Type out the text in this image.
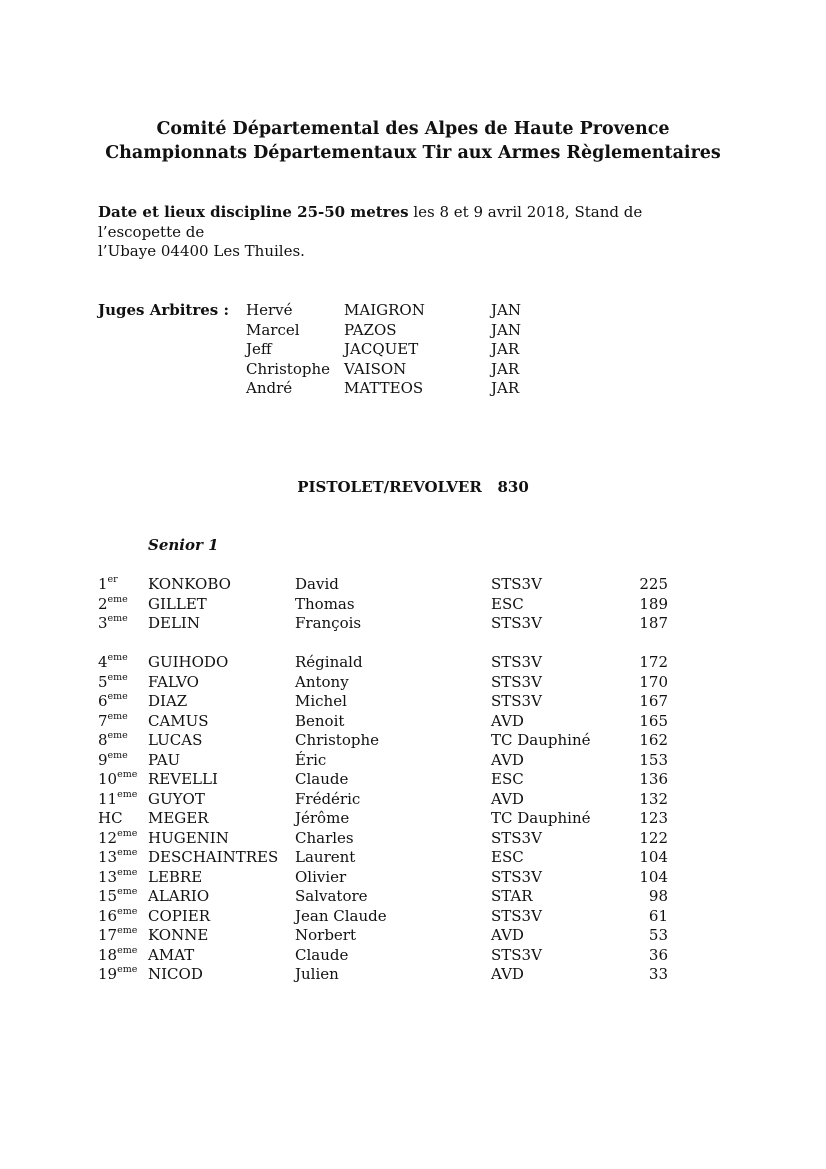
Comité Départemental des Alpes de Haute Provence
Championnats Départementaux Tir aux Armes Règlementaires
Date et lieux discipline 25-50 metres les 8 et 9 avril 2018, Stand de l’escopette de
l’Ubaye 04400 Les Thuiles.
Juges Arbitres : Hervé	MAIGRON	JAN
Marcel	PAZOS	JAN
Jeff	JACQUET	JAR
Christophe VAISON	JAR
André	MATTEOS	JAR
PISTOLET/REVOLVER   830
Senior 1
1er KONKOBO	David	STS3V	225
2eme GILLET	Thomas	ESC	189
3eme DELIN	François	STS3V	187
4eme GUIHODO	Réginald	STS3V	172
5eme FALVO	Antony	STS3V	170
6eme DIAZ	Michel	STS3V	167
7eme CAMUS	Benoit	AVD	165
8eme LUCAS	Christophe	TC Dauphiné	162
9eme PAU	Éric	AVD	153
10eme REVELLI	Claude	ESC	136
11eme GUYOT	Frédéric	AVD	132
HC MEGER	Jérôme	TC Dauphiné	123
12eme HUGENIN	Charles	STS3V	122
13eme DESCHAINTRES Laurent	ESC	104
13eme LEBRE	Olivier	STS3V	104
15eme ALARIO	Salvatore	STAR	98
16eme COPIER	Jean Claude	STS3V	61
17eme KONNE	Norbert	AVD	53
18eme AMAT	Claude	STS3V	36
19eme NICOD	Julien	AVD	33
